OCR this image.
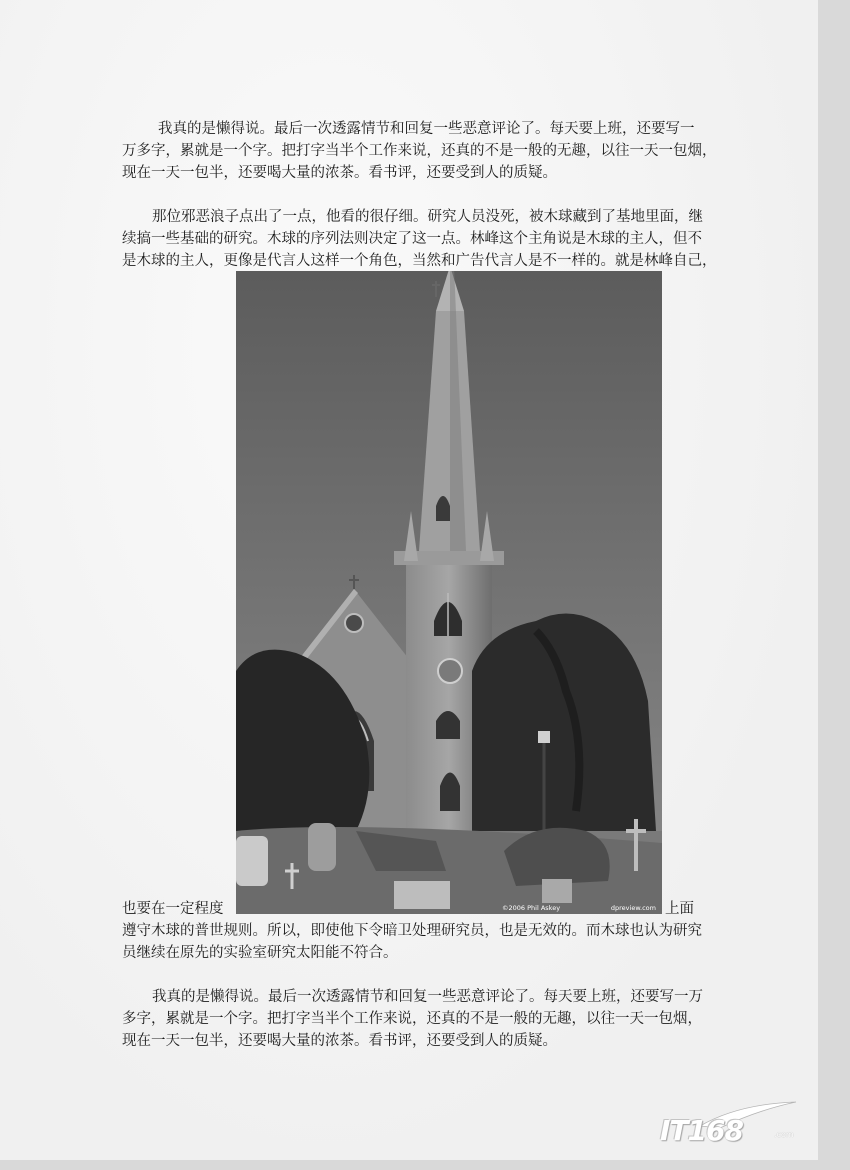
我真的是懒得说。最后一次透露情节和回复一些恶意评论了。每天要上班，还要写一
万多字，累就是一个字。把打字当半个工作来说，还真的不是一般的无趣，以往一天一包烟，
现在一天一包半，还要喝大量的浓茶。看书评，还要受到人的质疑。
那位邪恶浪子点出了一点，他看的很仔细。研究人员没死，被木球藏到了基地里面，继
续搞一些基础的研究。木球的序列法则决定了这一点。林峰这个主角说是木球的主人，但不
是木球的主人，更像是代言人这样一个角色，当然和广告代言人是不一样的。就是林峰自己，
©2006 Phil Askey	dpreview.com
也要在一定程度	上面
遵守木球的普世规则。所以，即使他下令暗卫处理研究员，也是无效的。而木球也认为研究
员继续在原先的实验室研究太阳能不符合。
我真的是懒得说。最后一次透露情节和回复一些恶意评论了。每天要上班，还要写一万
多字，累就是一个字。把打字当半个工作来说，还真的不是一般的无趣，以往一天一包烟，
现在一天一包半，还要喝大量的浓茶。看书评，还要受到人的质疑。
IT168	.com
